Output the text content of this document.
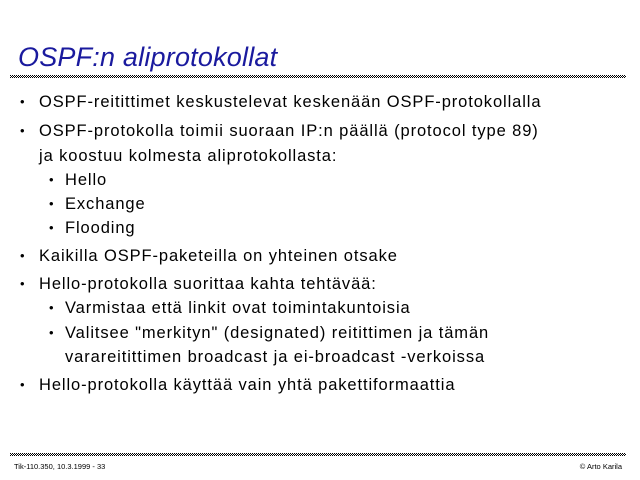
OSPF:n aliprotokollat
• OSPF-reitittimet keskustelevat keskenään OSPF-protokollalla
• OSPF-protokolla toimii suoraan IP:n päällä (protocol type 89)
ja koostuu kolmesta aliprotokollasta:
• Hello
• Exchange
• Flooding
• Kaikilla OSPF-paketeilla on yhteinen otsake
• Hello-protokolla suorittaa kahta tehtävää:
• Varmistaa että linkit ovat toimintakuntoisia
• Valitsee "merkityn" (designated) reitittimen ja tämän
varareitittimen broadcast ja ei-broadcast -verkoissa
• Hello-protokolla käyttää vain yhtä pakettiformaattia
Tik-110.350, 10.3.1999 - 33	© Arto Karila
